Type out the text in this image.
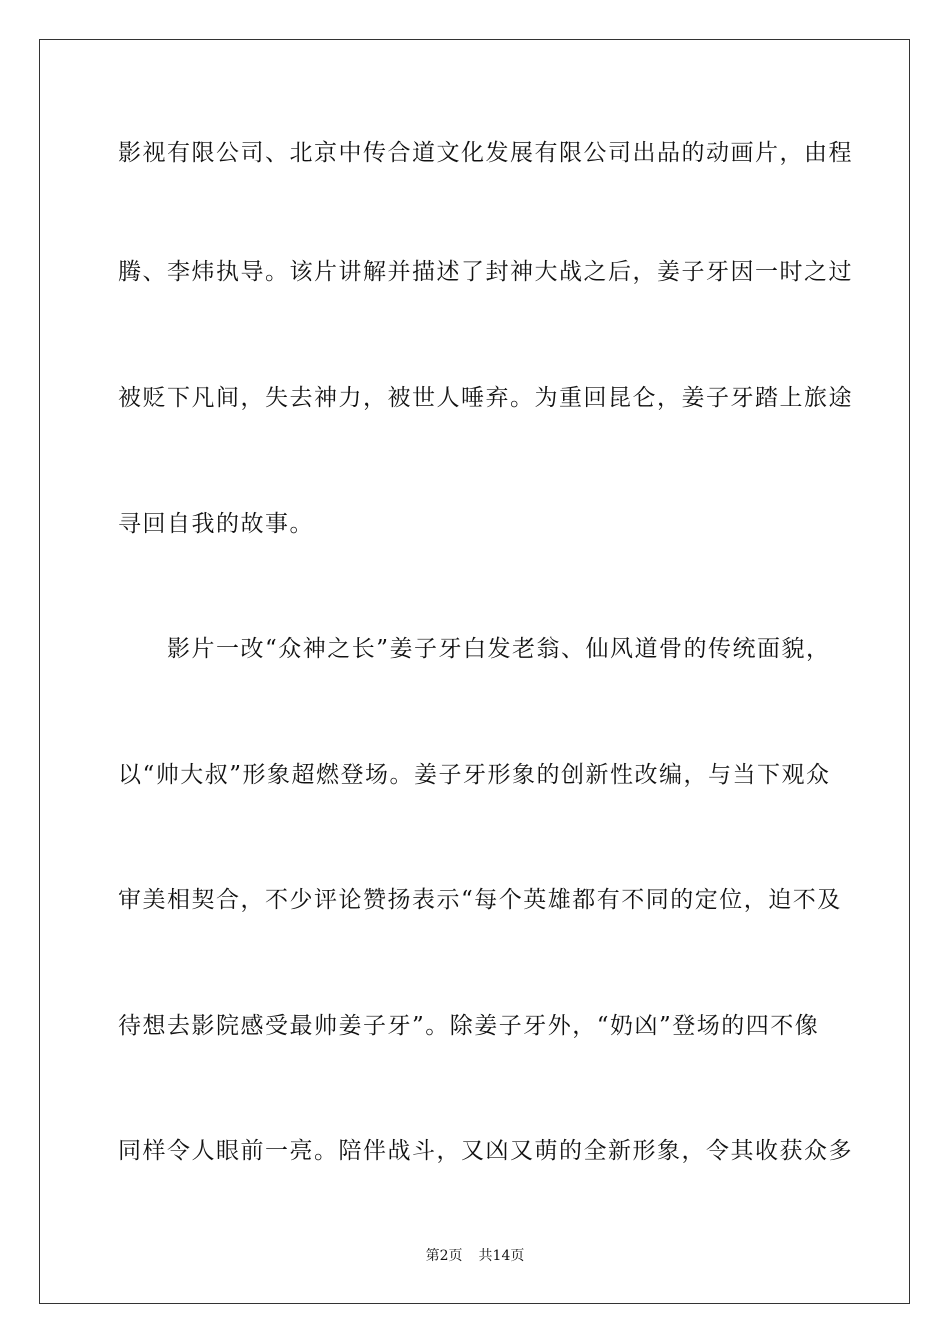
影视有限公司、北京中传合道文化发展有限公司出品的动画片，由程
腾、李炜执导。该片讲解并描述了封神大战之后，姜子牙因一时之过
被贬下凡间，失去神力，被世人唾弃。为重回昆仑，姜子牙踏上旅途
寻回自我的故事。
　　影片一改“众神之长”姜子牙白发老翁、仙风道骨的传统面貌，
以“帅大叔”形象超燃登场。姜子牙形象的创新性改编，与当下观众
审美相契合，不少评论赞扬表示“每个英雄都有不同的定位，迫不及
待想去影院感受最帅姜子牙”。除姜子牙外，“奶凶”登场的四不像
同样令人眼前一亮。陪伴战斗，又凶又萌的全新形象，令其收获众多
第2页 共14页
